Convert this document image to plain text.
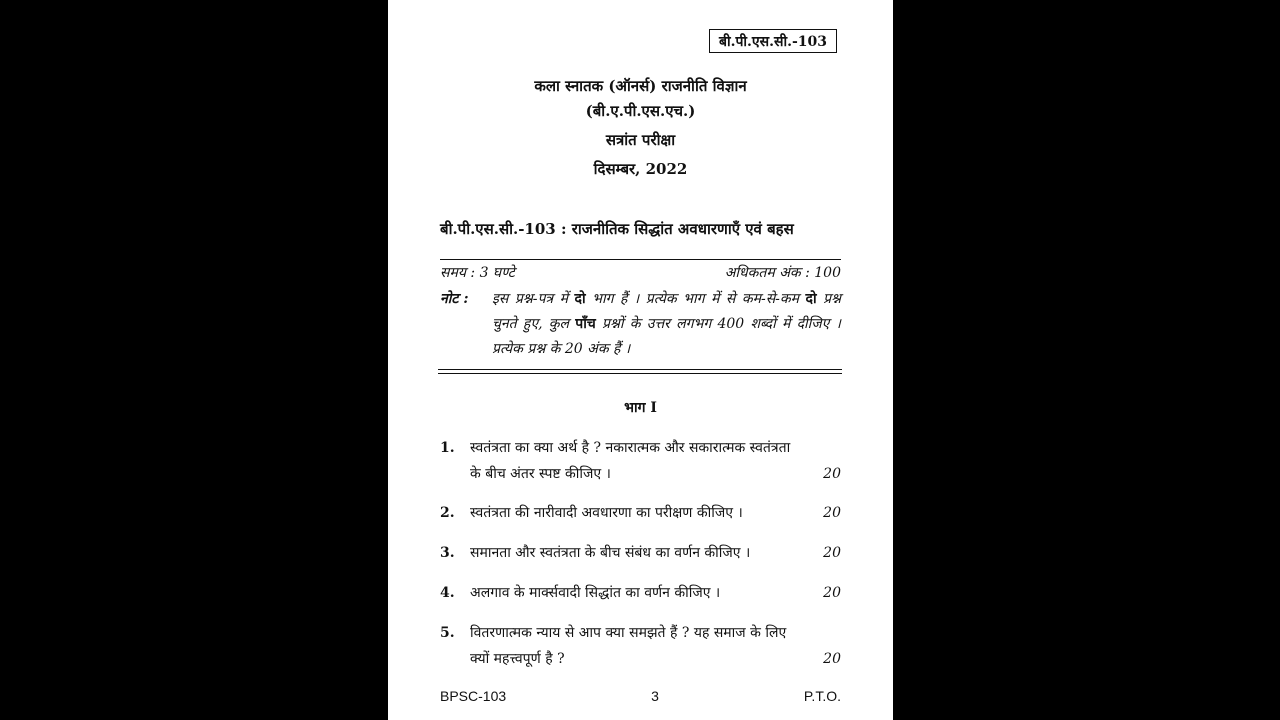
बी.पी.एस.सी.-103
कला स्नातक (ऑनर्स) राजनीति विज्ञान
(बी.ए.पी.एस.एच.)
सत्रांत परीक्षा
दिसम्बर, 2022
बी.पी.एस.सी.-103 : राजनीतिक सिद्धांत अवधारणाएँ एवं बहस
समय : 3 घण्टे	अधिकतम अंक : 100
नोट :	इस प्रश्न-पत्र में दो भाग हैं । प्रत्येक भाग में से कम-से-कम दो प्रश्न चुनते हुए, कुल पाँच प्रश्नों के उत्तर लगभग 400 शब्दों में दीजिए । प्रत्येक प्रश्न के 20 अंक हैं ।
भाग I
1.	स्वतंत्रता का क्या अर्थ है ? नकारात्मक और सकारात्मक स्वतंत्रता के बीच अंतर स्पष्ट कीजिए ।	20
2.	स्वतंत्रता की नारीवादी अवधारणा का परीक्षण कीजिए ।	20
3.	समानता और स्वतंत्रता के बीच संबंध का वर्णन कीजिए ।	20
4.	अलगाव के मार्क्सवादी सिद्धांत का वर्णन कीजिए ।	20
5.	वितरणात्मक न्याय से आप क्या समझते हैं ? यह समाज के लिए क्यों महत्त्वपूर्ण है ?	20
BPSC-103	3	P.T.O.
